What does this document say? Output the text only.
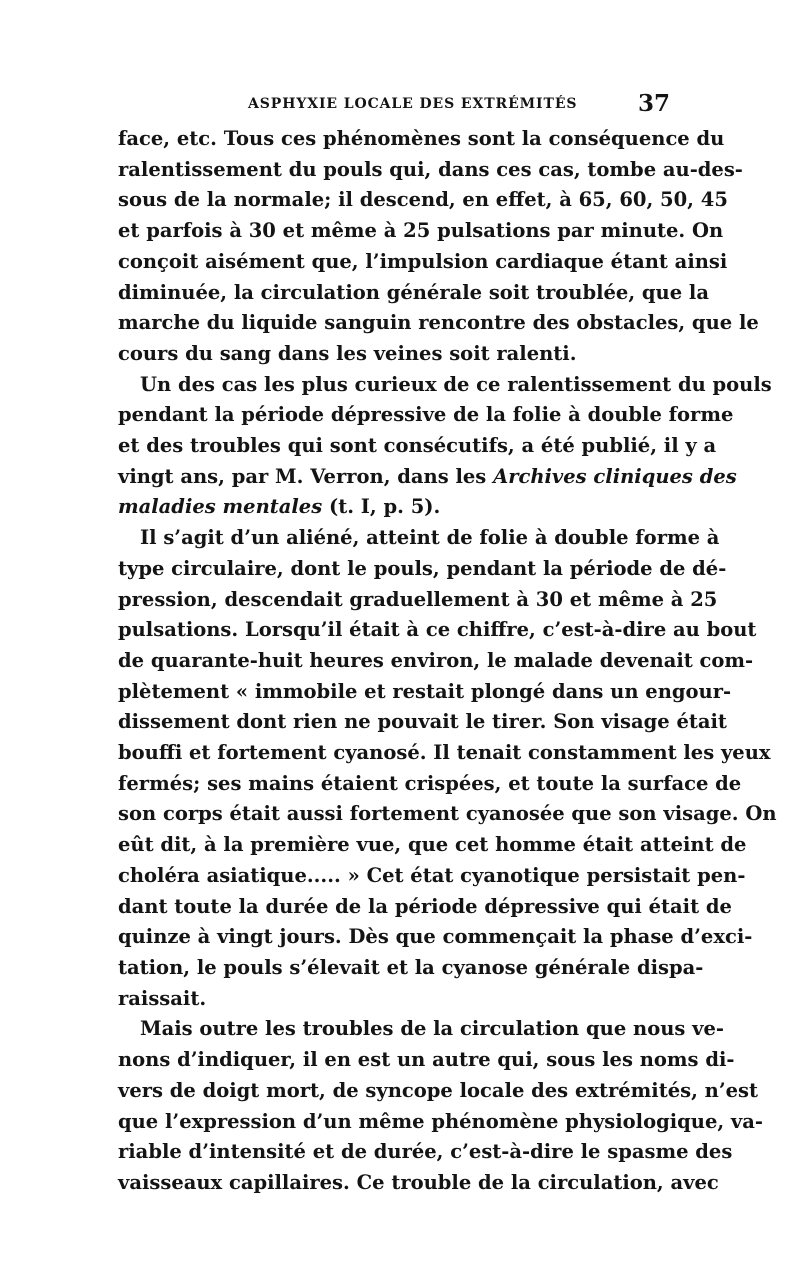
ASPHYXIE LOCALE DES EXTRÉMITÉS	37
face, etc. Tous ces phénomènes sont la conséquence du
ralentissement du pouls qui, dans ces cas, tombe au-des-
sous de la normale; il descend, en effet, à 65, 60, 50, 45
et parfois à 30 et même à 25 pulsations par minute. On
conçoit aisément que, l’impulsion cardiaque étant ainsi
diminuée, la circulation générale soit troublée, que la
marche du liquide sanguin rencontre des obstacles, que le
cours du sang dans les veines soit ralenti.
Un des cas les plus curieux de ce ralentissement du pouls
pendant la période dépressive de la folie à double forme
et des troubles qui sont consécutifs, a été publié, il y a
vingt ans, par M. Verron, dans les Archives cliniques des
maladies mentales (t. I, p. 5).
Il s’agit d’un aliéné, atteint de folie à double forme à
type circulaire, dont le pouls, pendant la période de dé-
pression, descendait graduellement à 30 et même à 25
pulsations. Lorsqu’il était à ce chiffre, c’est-à-dire au bout
de quarante-huit heures environ, le malade devenait com-
plètement « immobile et restait plongé dans un engour-
dissement dont rien ne pouvait le tirer. Son visage était
bouffi et fortement cyanosé. Il tenait constamment les yeux
fermés; ses mains étaient crispées, et toute la surface de
son corps était aussi fortement cyanosée que son visage. On
eût dit, à la première vue, que cet homme était atteint de
choléra asiatique..... » Cet état cyanotique persistait pen-
dant toute la durée de la période dépressive qui était de
quinze à vingt jours. Dès que commençait la phase d’exci-
tation, le pouls s’élevait et la cyanose générale dispa-
raissait.
Mais outre les troubles de la circulation que nous ve-
nons d’indiquer, il en est un autre qui, sous les noms di-
vers de doigt mort, de syncope locale des extrémités, n’est
que l’expression d’un même phénomène physiologique, va-
riable d’intensité et de durée, c’est-à-dire le spasme des
vaisseaux capillaires. Ce trouble de la circulation, avec
